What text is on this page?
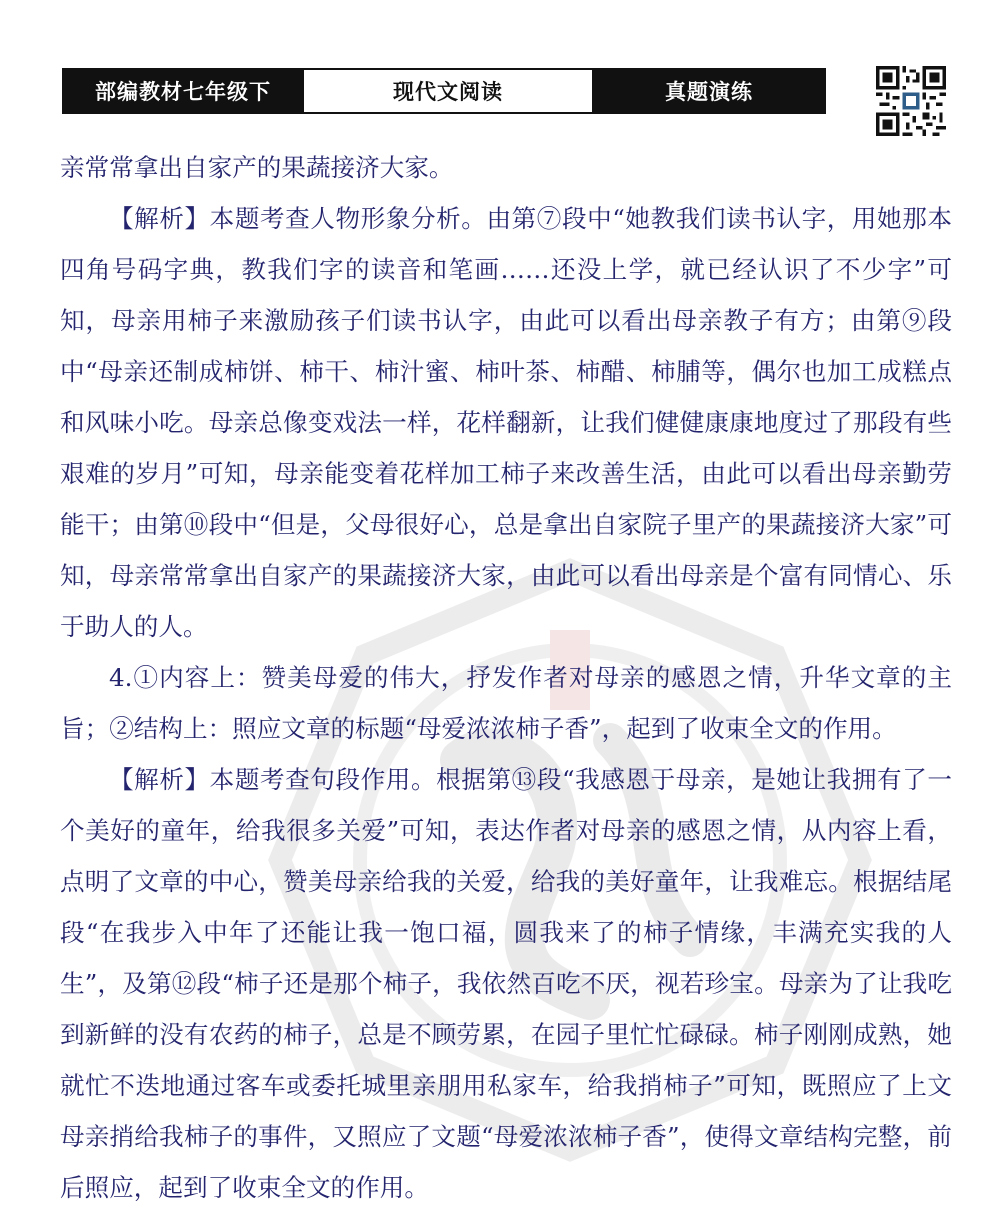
部编教材七年级下	现代文阅读	真题演练

亲常常拿出自家产的果蔬接济大家。

【解析】本题考查人物形象分析。由第⑦段中“她教我们读书认字，用她那本四角号码字典，教我们字的读音和笔画……还没上学，就已经认识了不少字”可知，母亲用柿子来激励孩子们读书认字，由此可以看出母亲教子有方；由第⑨段中“母亲还制成柿饼、柿干、柿汁蜜、柿叶茶、柿醋、柿脯等，偶尔也加工成糕点和风味小吃。母亲总像变戏法一样，花样翻新，让我们健健康康地度过了那段有些艰难的岁月”可知，母亲能变着花样加工柿子来改善生活，由此可以看出母亲勤劳能干；由第⑩段中“但是，父母很好心，总是拿出自家院子里产的果蔬接济大家”可知，母亲常常拿出自家产的果蔬接济大家，由此可以看出母亲是个富有同情心、乐于助人的人。

4.①内容上：赞美母爱的伟大，抒发作者对母亲的感恩之情，升华文章的主旨；②结构上：照应文章的标题“母爱浓浓柿子香”，起到了收束全文的作用。

【解析】本题考查句段作用。根据第⑬段“我感恩于母亲，是她让我拥有了一个美好的童年，给我很多关爱”可知，表达作者对母亲的感恩之情，从内容上看，点明了文章的中心，赞美母亲给我的关爱，给我的美好童年，让我难忘。根据结尾段“在我步入中年了还能让我一饱口福，圆我来了的柿子情缘，丰满充实我的人生”，及第⑫段“柿子还是那个柿子，我依然百吃不厌，视若珍宝。母亲为了让我吃到新鲜的没有农药的柿子，总是不顾劳累，在园子里忙忙碌碌。柿子刚刚成熟，她就忙不迭地通过客车或委托城里亲朋用私家车，给我捎柿子”可知，既照应了上文母亲捎给我柿子的事件，又照应了文题“母爱浓浓柿子香”，使得文章结构完整，前后照应，起到了收束全文的作用。
